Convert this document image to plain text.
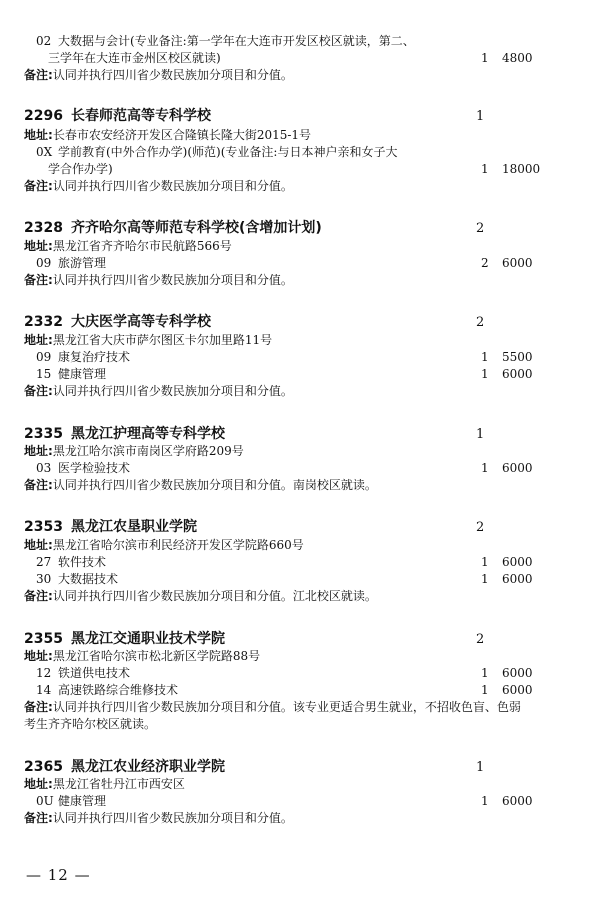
02 大数据与会计(专业备注:第一学年在大连市开发区校区就读，第二、
三学年在大连市金州区校区就读)	1 4800
备注:认同并执行四川省少数民族加分项目和分值。
2296 长春师范高等专科学校	1
地址:长春市农安经济开发区合隆镇长隆大街2015-1号
0X 学前教育(中外合作办学)(师范)(专业备注:与日本神户亲和女子大
学合作办学)	1 18000
备注:认同并执行四川省少数民族加分项目和分值。
2328 齐齐哈尔高等师范专科学校(含增加计划)	2
地址:黑龙江省齐齐哈尔市民航路566号
09 旅游管理	2 6000
备注:认同并执行四川省少数民族加分项目和分值。
2332 大庆医学高等专科学校	2
地址:黑龙江省大庆市萨尔图区卡尔加里路11号
09 康复治疗技术	1 5500
15 健康管理	1 6000
备注:认同并执行四川省少数民族加分项目和分值。
2335 黑龙江护理高等专科学校	1
地址:黑龙江哈尔滨市南岗区学府路209号
03 医学检验技术	1 6000
备注:认同并执行四川省少数民族加分项目和分值。南岗校区就读。
2353 黑龙江农垦职业学院	2
地址:黑龙江省哈尔滨市利民经济开发区学院路660号
27 软件技术	1 6000
30 大数据技术	1 6000
备注:认同并执行四川省少数民族加分项目和分值。江北校区就读。
2355 黑龙江交通职业技术学院	2
地址:黑龙江省哈尔滨市松北新区学院路88号
12 铁道供电技术	1 6000
14 高速铁路综合维修技术	1 6000
备注:认同并执行四川省少数民族加分项目和分值。该专业更适合男生就业，不招收色盲、色弱
考生齐齐哈尔校区就读。
2365 黑龙江农业经济职业学院	1
地址:黑龙江省牡丹江市西安区
0U 健康管理	1 6000
备注:认同并执行四川省少数民族加分项目和分值。
— 12 —
